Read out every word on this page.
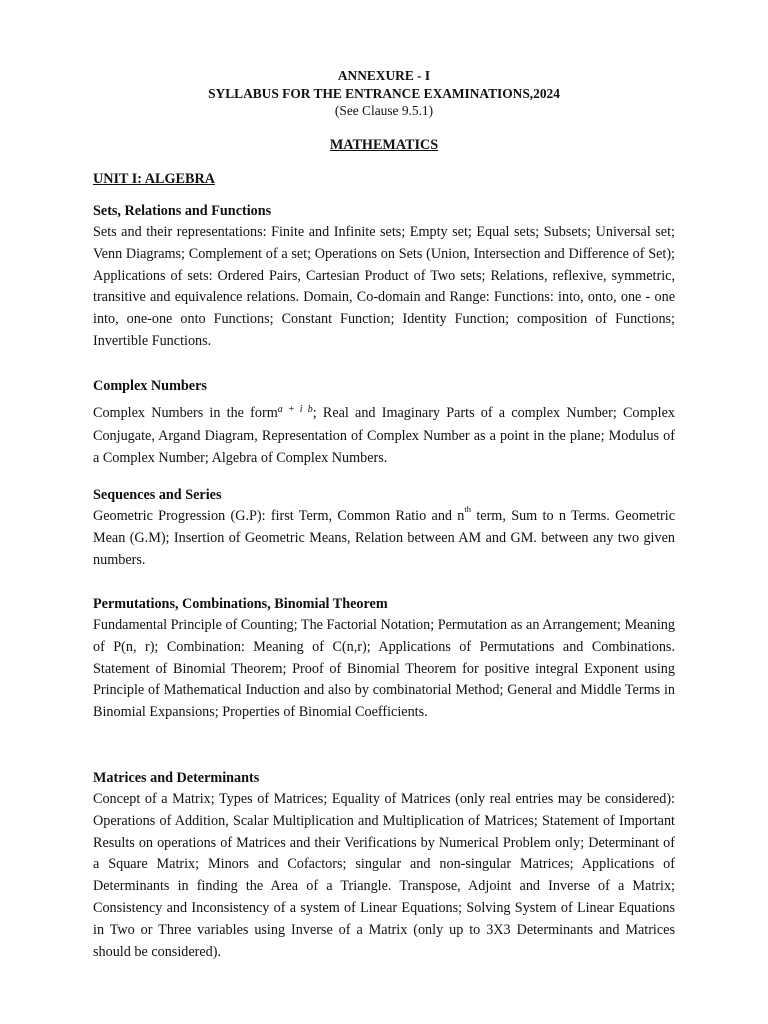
ANNEXURE - I
SYLLABUS FOR THE ENTRANCE EXAMINATIONS,2024
(See Clause 9.5.1)
MATHEMATICS
UNIT I: ALGEBRA
Sets, Relations and Functions

Sets and their representations: Finite and Infinite sets; Empty set; Equal sets; Subsets; Universal set; Venn Diagrams; Complement of a set; Operations on Sets (Union, Intersection and Difference of Set); Applications of sets: Ordered Pairs, Cartesian Product of Two sets; Relations, reflexive, symmetric, transitive and equivalence relations. Domain, Co-domain and Range: Functions: into, onto, one - one into, one-one onto Functions; Constant Function; Identity Function; composition of Functions; Invertible Functions.

Complex Numbers

Complex Numbers in the form$^{a + i b}$; Real and Imaginary Parts of a complex Number; Complex Conjugate, Argand Diagram, Representation of Complex Number as a point in the plane; Modulus of a Complex Number; Algebra of Complex Numbers.

Sequences and Series

Geometric Progression (G.P): first Term, Common Ratio and $n^{th}$ term, Sum to n Terms. Geometric Mean (G.M); Insertion of Geometric Means, Relation between AM and GM. between any two given numbers.

Permutations, Combinations, Binomial Theorem

Fundamental Principle of Counting; The Factorial Notation; Permutation as an Arrangement; Meaning of P(n, r); Combination: Meaning of C(n,r); Applications of Permutations and Combinations. Statement of Binomial Theorem; Proof of Binomial Theorem for positive integral Exponent using Principle of Mathematical Induction and also by combinatorial Method; General and Middle Terms in Binomial Expansions; Properties of Binomial Coefficients.

Matrices and Determinants

Concept of a Matrix; Types of Matrices; Equality of Matrices (only real entries may be considered): Operations of Addition, Scalar Multiplication and Multiplication of Matrices; Statement of Important Results on operations of Matrices and their Verifications by Numerical Problem only; Determinant of a Square Matrix; Minors and Cofactors; singular and non-singular Matrices; Applications of Determinants in finding the Area of a Triangle. Transpose, Adjoint and Inverse of a Matrix; Consistency and Inconsistency of a system of Linear Equations; Solving System of Linear Equations in Two or Three variables using Inverse of a Matrix (only up to 3X3 Determinants and Matrices should be considered).
